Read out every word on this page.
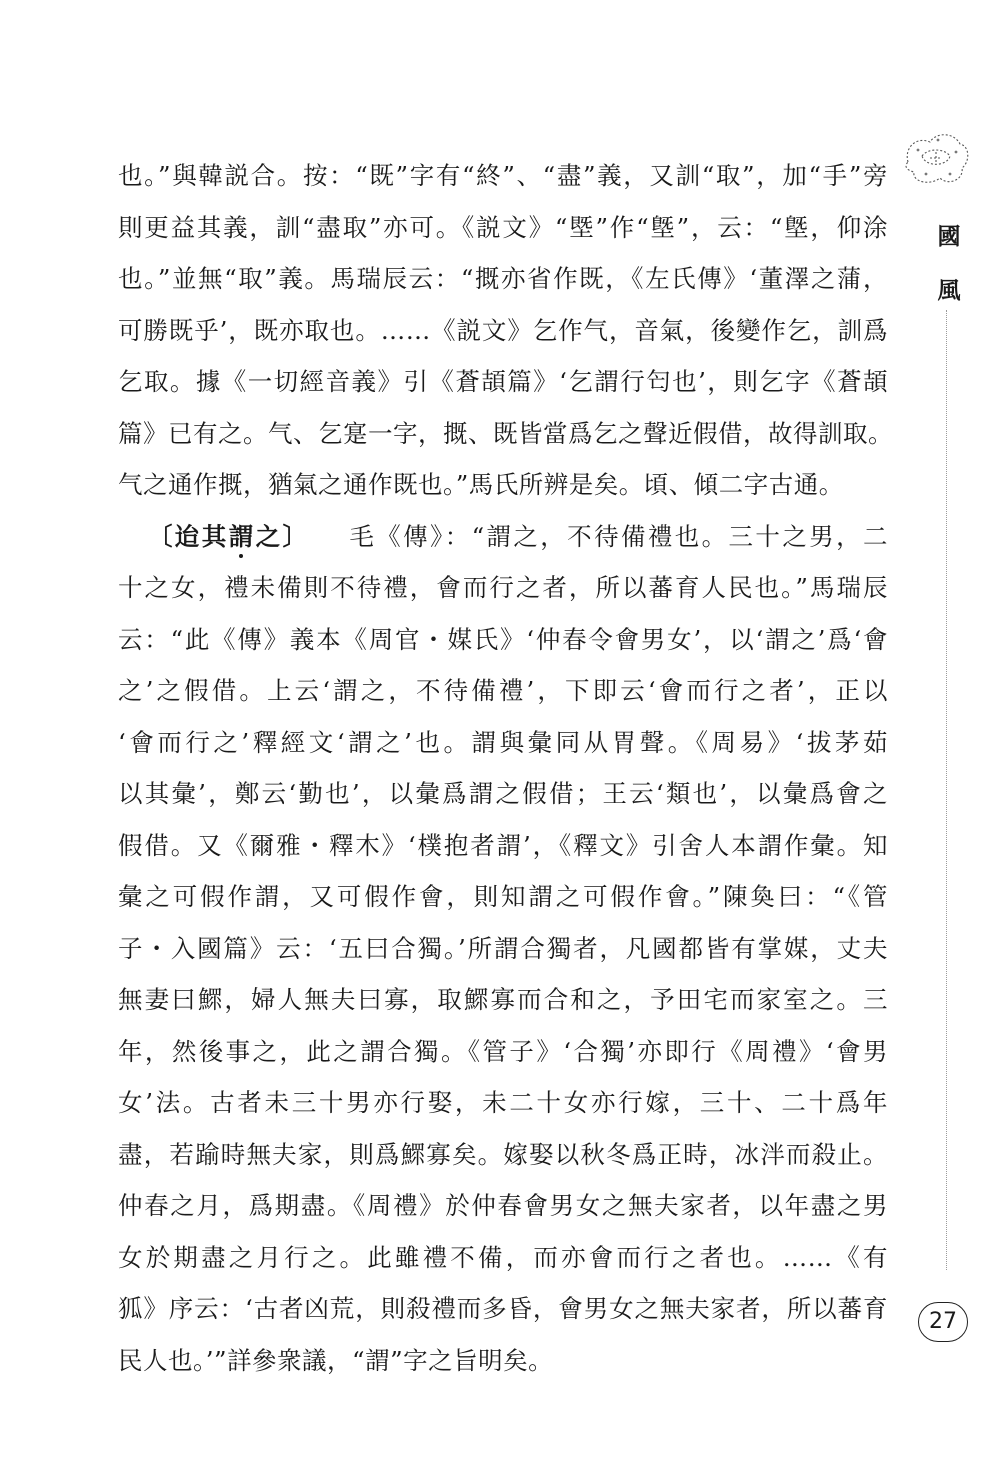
國
風
也。”與韓説合。按：“既”字有“終”、“盡”義，又訓“取”，加“手”旁
則更益其義，訓“盡取”亦可。《説文》“塈”作“墍”，云：“墍，仰涂
也。”並無“取”義。馬瑞辰云：“摡亦省作既，《左氏傳》‘董澤之蒲，
可勝既乎’，既亦取也。……《説文》乞作气，音氣，後變作乞，訓爲
乞取。據《一切經音義》引《蒼頡篇》‘乞謂行匄也’，則乞字《蒼頡
篇》已有之。气、乞寔一字，摡、既皆當爲乞之聲近假借，故得訓取。
气之通作摡，猶氣之通作既也。”馬氏所辨是矣。頃、傾二字古通。
〔迨其謂之〕 毛《傳》：“謂之，不待備禮也。三十之男，二
十之女，禮未備則不待禮，會而行之者，所以蕃育人民也。”馬瑞辰
云：“此《傳》義本《周官・媒氏》‘仲春令會男女’，以‘謂之’爲‘會
之’之假借。上云‘謂之，不待備禮’，下即云‘會而行之者’，正以
‘會而行之’釋經文‘謂之’也。謂與彙同从胃聲。《周易》‘拔茅茹
以其彙’，鄭云‘勤也’，以彙爲謂之假借；王云‘類也’，以彙爲會之
假借。又《爾雅・釋木》‘樸抱者謂’，《釋文》引舍人本謂作彙。知
彙之可假作謂，又可假作會，則知謂之可假作會。”陳奐曰：“《管
子・入國篇》云：‘五曰合獨。’所謂合獨者，凡國都皆有掌媒，丈夫
無妻曰鰥，婦人無夫曰寡，取鰥寡而合和之，予田宅而家室之。三
年，然後事之，此之謂合獨。《管子》‘合獨’亦即行《周禮》‘會男
女’法。古者未三十男亦行娶，未二十女亦行嫁，三十、二十爲年
盡，若踰時無夫家，則爲鰥寡矣。嫁娶以秋冬爲正時，冰泮而殺止。
仲春之月，爲期盡。《周禮》於仲春會男女之無夫家者，以年盡之男
女於期盡之月行之。此雖禮不備，而亦會而行之者也。……《有
狐》序云：‘古者凶荒，則殺禮而多昏，會男女之無夫家者，所以蕃育
民人也。’”詳參衆議，“謂”字之旨明矣。
27
